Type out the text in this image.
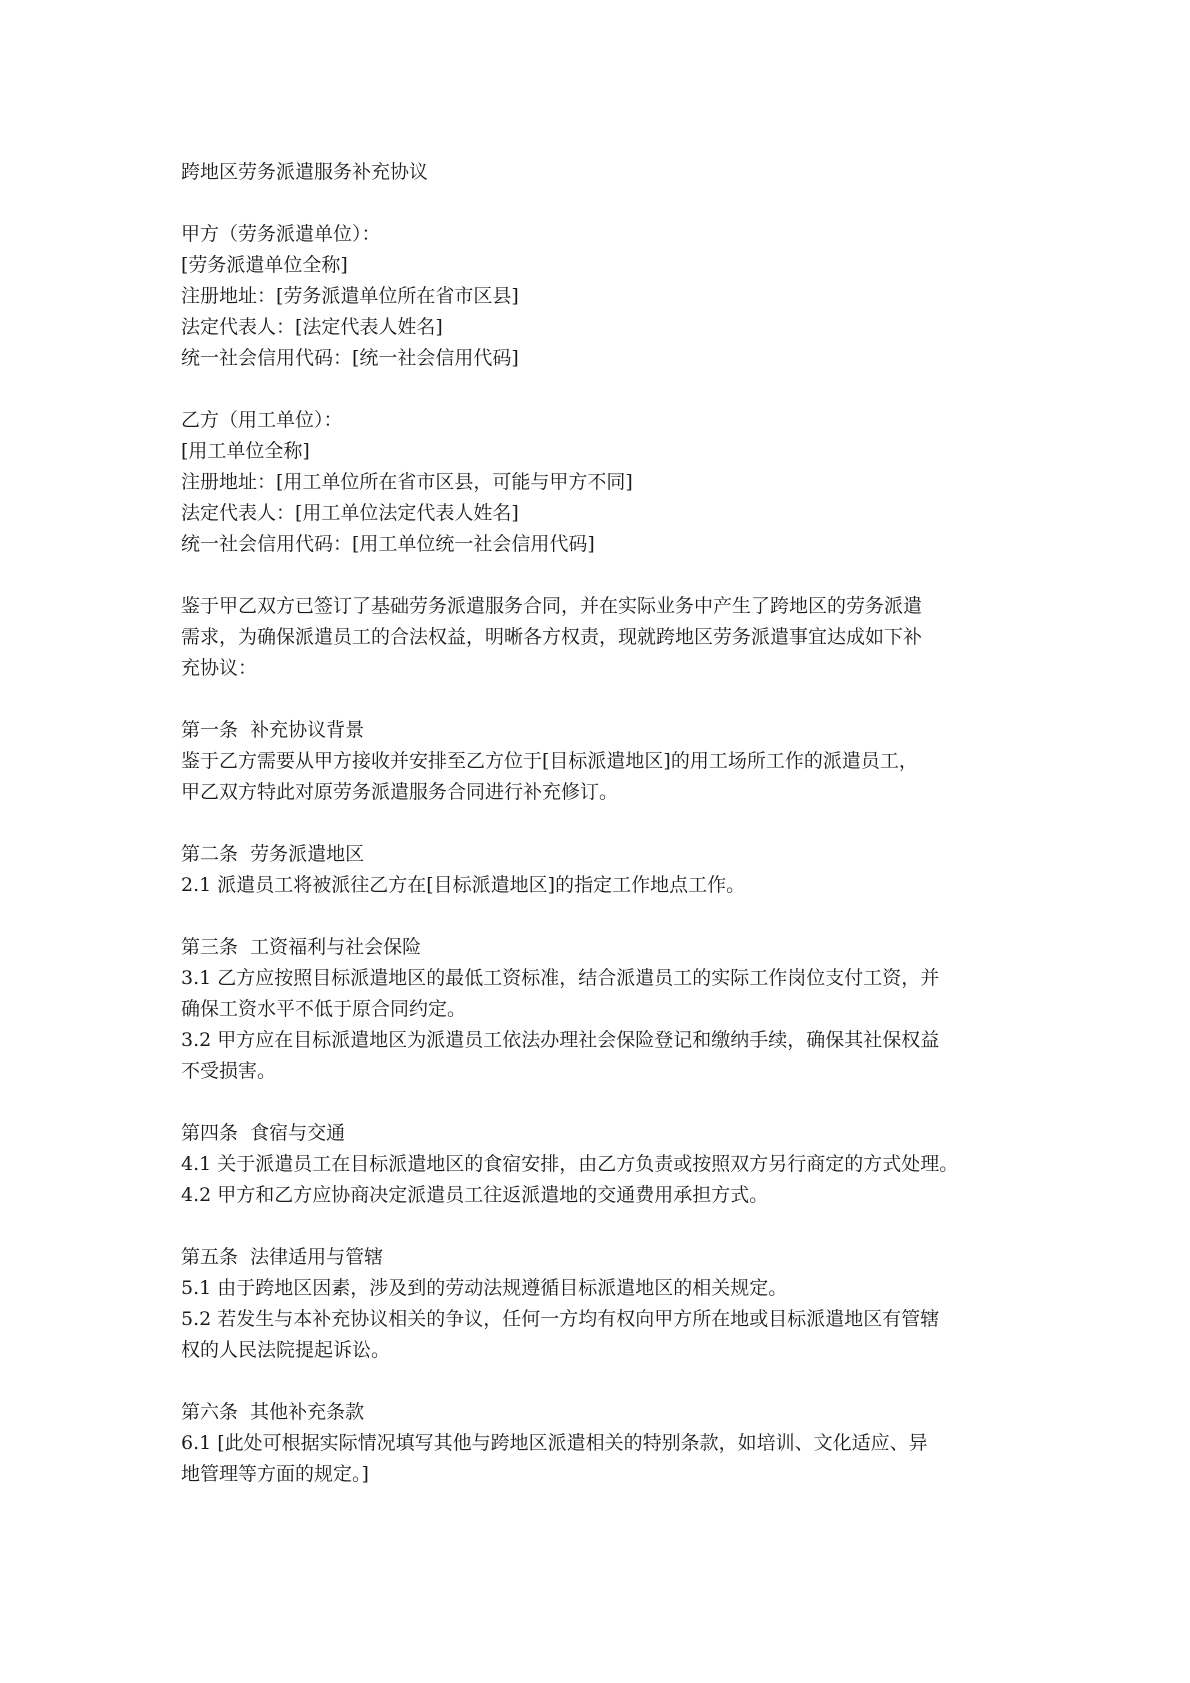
跨地区劳务派遣服务补充协议

甲方（劳务派遣单位）：

[劳务派遣单位全称]

注册地址：[劳务派遣单位所在省市区县]

法定代表人：[法定代表人姓名]

统一社会信用代码：[统一社会信用代码]

乙方（用工单位）：

[用工单位全称]

注册地址：[用工单位所在省市区县，可能与甲方不同]

法定代表人：[用工单位法定代表人姓名]

统一社会信用代码：[用工单位统一社会信用代码]

鉴于甲乙双方已签订了基础劳务派遣服务合同，并在实际业务中产生了跨地区的劳务派遣

需求，为确保派遣员工的合法权益，明晰各方权责，现就跨地区劳务派遣事宜达成如下补

充协议：

第一条  补充协议背景

鉴于乙方需要从甲方接收并安排至乙方位于[目标派遣地区]的用工场所工作的派遣员工，

甲乙双方特此对原劳务派遣服务合同进行补充修订。

第二条  劳务派遣地区

2.1 派遣员工将被派往乙方在[目标派遣地区]的指定工作地点工作。

第三条  工资福利与社会保险

3.1 乙方应按照目标派遣地区的最低工资标准，结合派遣员工的实际工作岗位支付工资，并

确保工资水平不低于原合同约定。

3.2 甲方应在目标派遣地区为派遣员工依法办理社会保险登记和缴纳手续，确保其社保权益

不受损害。

第四条  食宿与交通

4.1 关于派遣员工在目标派遣地区的食宿安排，由乙方负责或按照双方另行商定的方式处理。

4.2 甲方和乙方应协商决定派遣员工往返派遣地的交通费用承担方式。

第五条  法律适用与管辖

5.1 由于跨地区因素，涉及到的劳动法规遵循目标派遣地区的相关规定。

5.2 若发生与本补充协议相关的争议，任何一方均有权向甲方所在地或目标派遣地区有管辖

权的人民法院提起诉讼。

第六条  其他补充条款

6.1 [此处可根据实际情况填写其他与跨地区派遣相关的特别条款，如培训、文化适应、异

地管理等方面的规定。]
